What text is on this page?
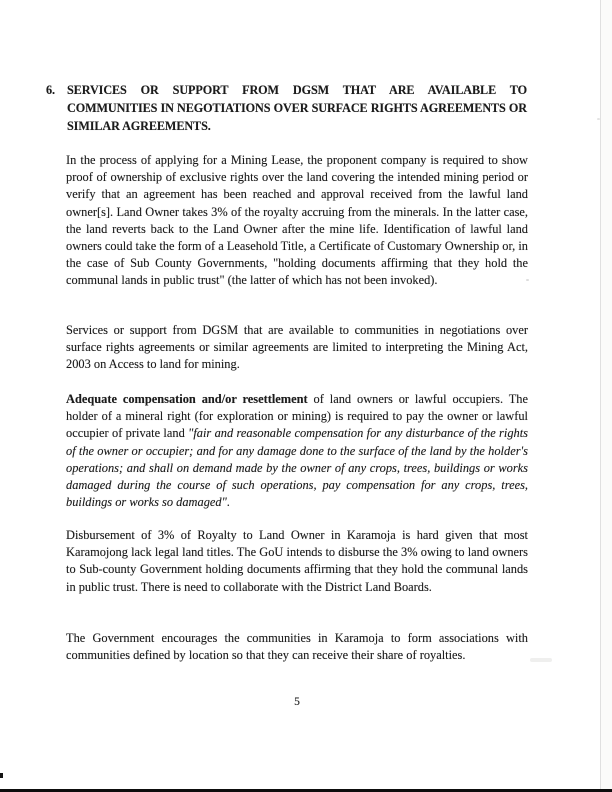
6. SERVICES OR SUPPORT FROM DGSM THAT ARE AVAILABLE TO COMMUNITIES IN NEGOTIATIONS OVER SURFACE RIGHTS AGREEMENTS OR SIMILAR AGREEMENTS.

In the process of applying for a Mining Lease, the proponent company is required to show proof of ownership of exclusive rights over the land covering the intended mining period or verify that an agreement has been reached and approval received from the lawful land owner[s]. Land Owner takes 3% of the royalty accruing from the minerals. In the latter case, the land reverts back to the Land Owner after the mine life. Identification of lawful land owners could take the form of a Leasehold Title, a Certificate of Customary Ownership or, in the case of Sub County Governments, "holding documents affirming that they hold the communal lands in public trust" (the latter of which has not been invoked).

Services or support from DGSM that are available to communities in negotiations over surface rights agreements or similar agreements are limited to interpreting the Mining Act, 2003 on Access to land for mining.

Adequate compensation and/or resettlement of land owners or lawful occupiers. The holder of a mineral right (for exploration or mining) is required to pay the owner or lawful occupier of private land "fair and reasonable compensation for any disturbance of the rights of the owner or occupier; and for any damage done to the surface of the land by the holder's operations; and shall on demand made by the owner of any crops, trees, buildings or works damaged during the course of such operations, pay compensation for any crops, trees, buildings or works so damaged".

Disbursement of 3% of Royalty to Land Owner in Karamoja is hard given that most Karamojong lack legal land titles. The GoU intends to disburse the 3% owing to land owners to Sub-county Government holding documents affirming that they hold the communal lands in public trust. There is need to collaborate with the District Land Boards.

The Government encourages the communities in Karamoja to form associations with communities defined by location so that they can receive their share of royalties.

5
